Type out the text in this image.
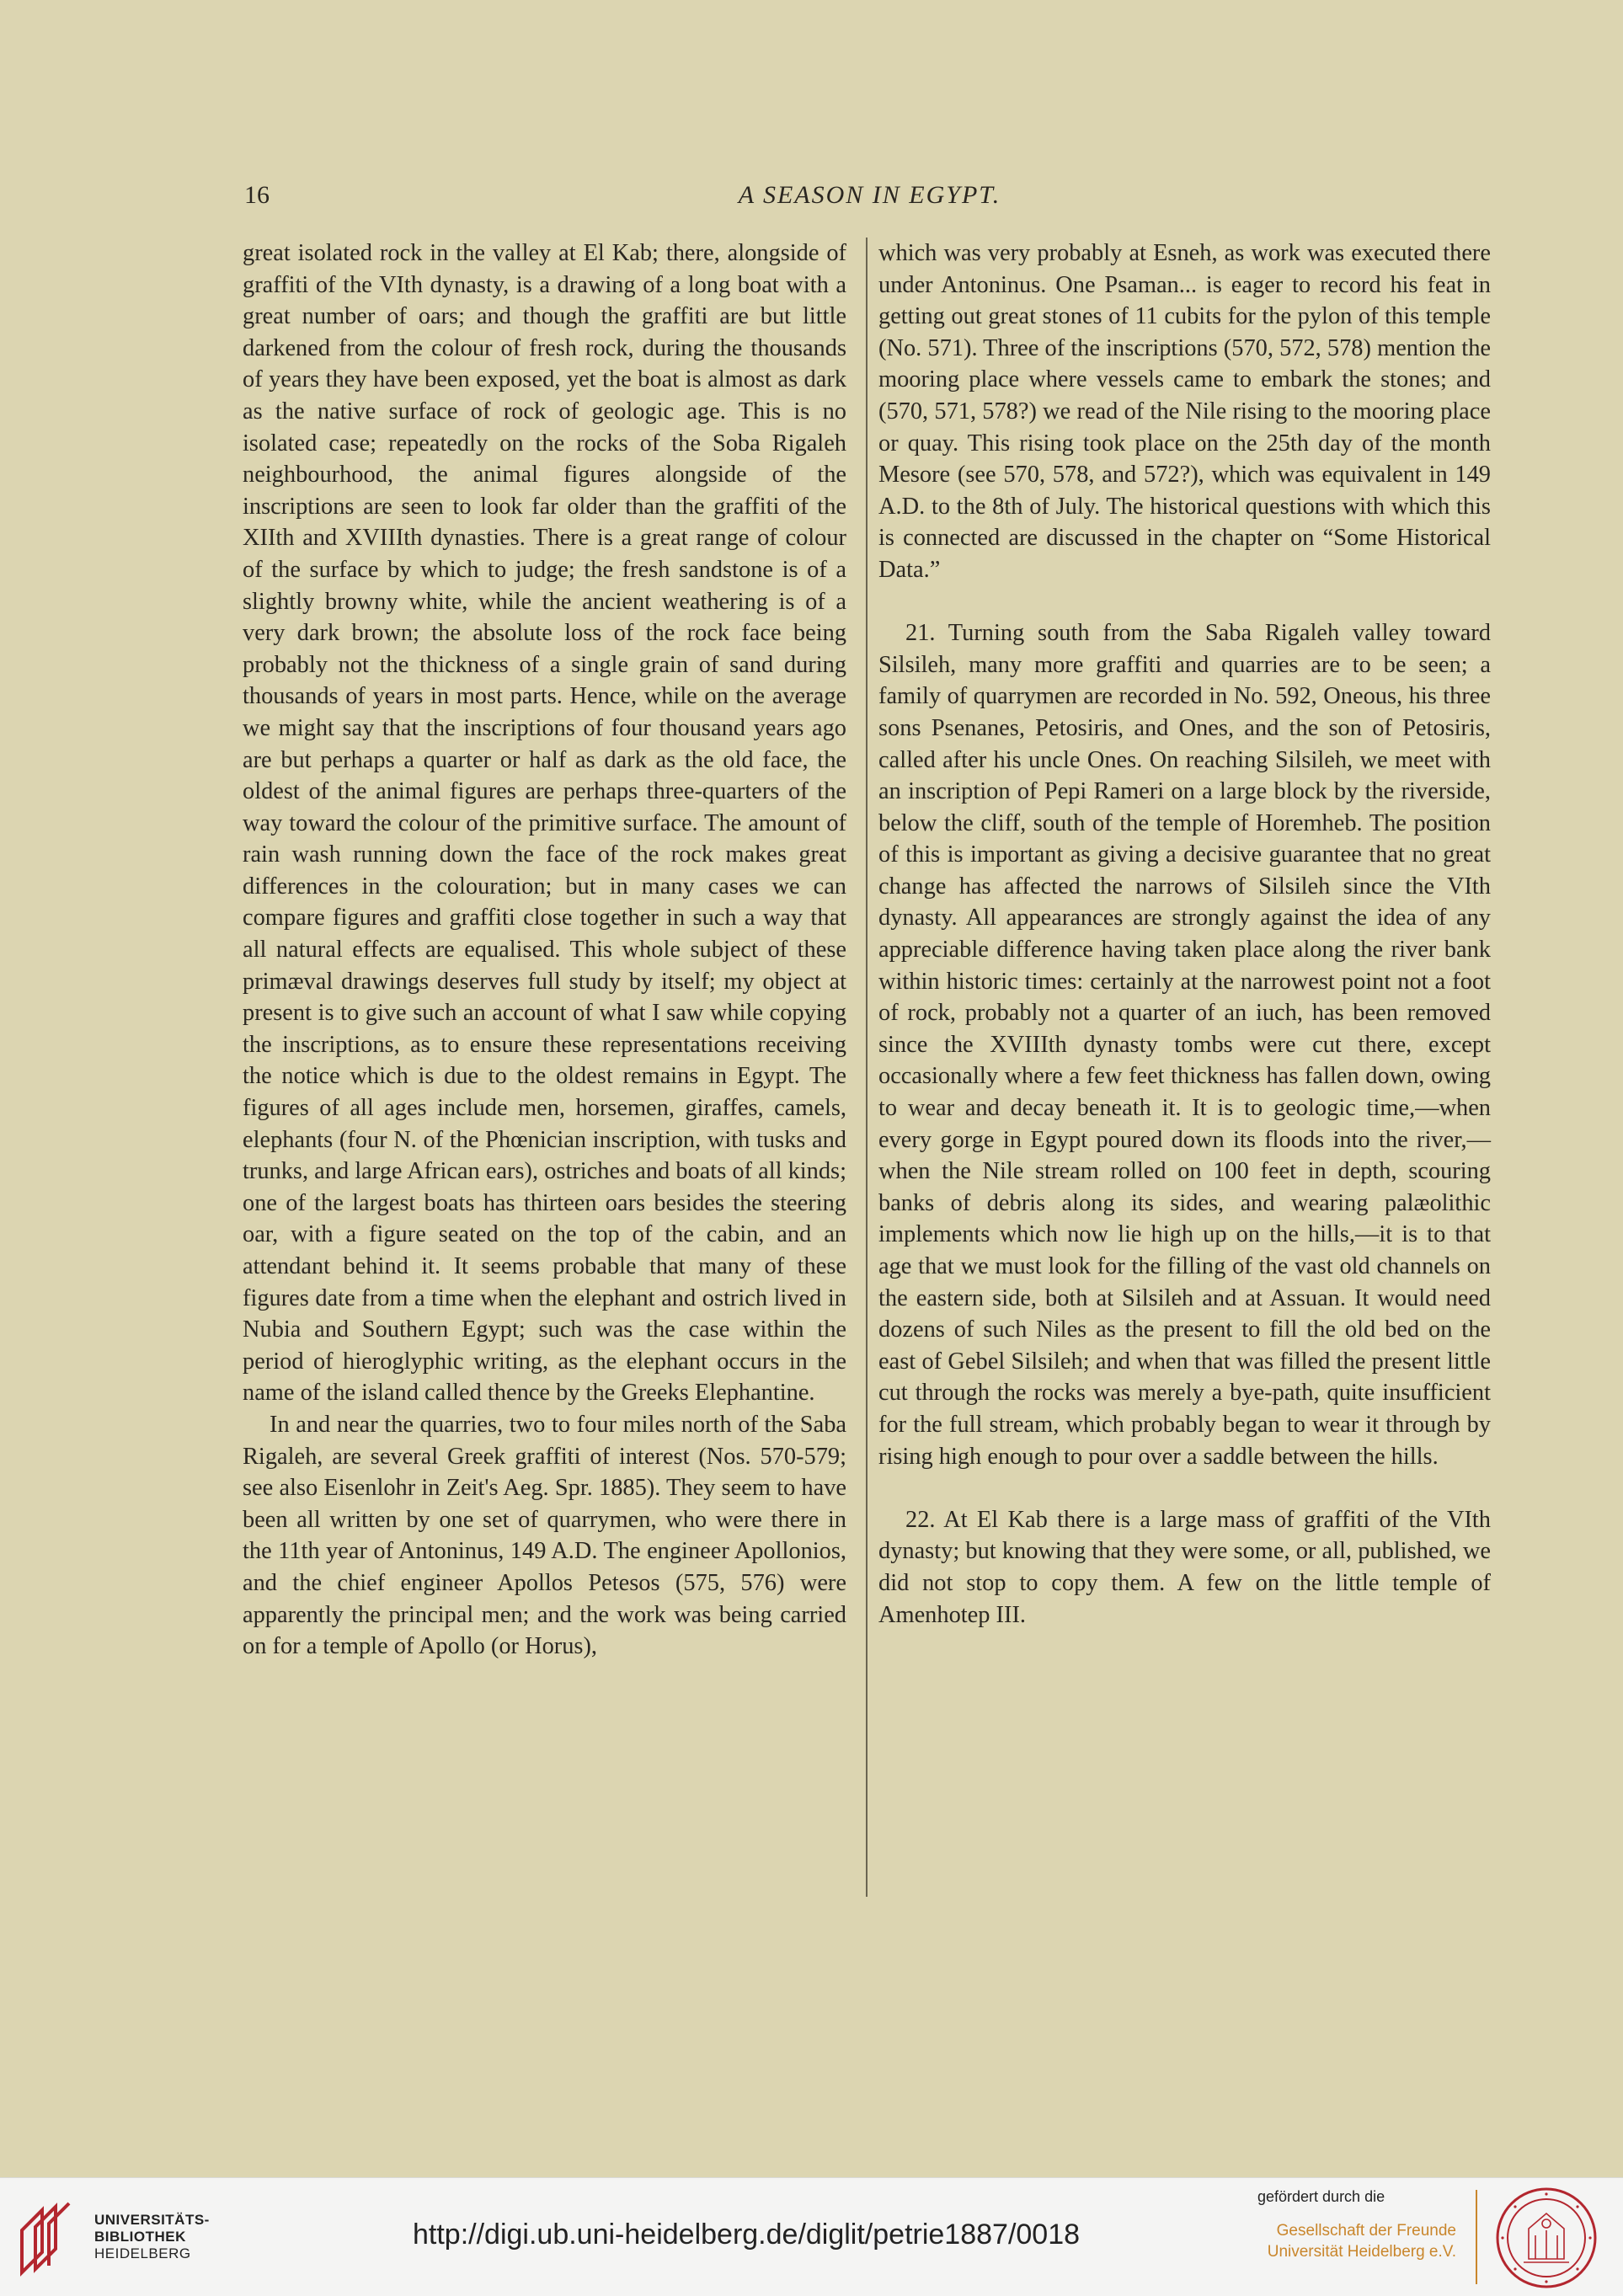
16	A SEASON IN EGYPT.

great isolated rock in the valley at El Kab; there, alongside of graffiti of the VIth dynasty, is a drawing of a long boat with a great number of oars; and though the graffiti are but little darkened from the colour of fresh rock, during the thousands of years they have been exposed, yet the boat is almost as dark as the native surface of rock of geologic age. This is no isolated case; repeatedly on the rocks of the Soba Rigaleh neighbourhood, the animal figures alongside of the inscriptions are seen to look far older than the graffiti of the XIIth and XVIIIth dynasties. There is a great range of colour of the surface by which to judge; the fresh sandstone is of a slightly browny white, while the ancient weathering is of a very dark brown; the absolute loss of the rock face being probably not the thickness of a single grain of sand during thousands of years in most parts. Hence, while on the average we might say that the inscriptions of four thousand years ago are but perhaps a quarter or half as dark as the old face, the oldest of the animal figures are perhaps three-quarters of the way toward the colour of the primitive surface. The amount of rain wash running down the face of the rock makes great differences in the colouration; but in many cases we can compare figures and graffiti close together in such a way that all natural effects are equalised. This whole subject of these primæval drawings deserves full study by itself; my object at present is to give such an account of what I saw while copying the inscriptions, as to ensure these representations receiving the notice which is due to the oldest remains in Egypt. The figures of all ages include men, horsemen, giraffes, camels, elephants (four N. of the Phœnician inscription, with tusks and trunks, and large African ears), ostriches and boats of all kinds; one of the largest boats has thirteen oars besides the steering oar, with a figure seated on the top of the cabin, and an attendant behind it. It seems probable that many of these figures date from a time when the elephant and ostrich lived in Nubia and Southern Egypt; such was the case within the period of hieroglyphic writing, as the elephant occurs in the name of the island called thence by the Greeks Elephantine.

In and near the quarries, two to four miles north of the Saba Rigaleh, are several Greek graffiti of interest (Nos. 570-579; see also Eisenlohr in Zeit's Aeg. Spr. 1885). They seem to have been all written by one set of quarrymen, who were there in the 11th year of Antoninus, 149 A.D. The engineer Apollonios, and the chief engineer Apollos Petesos (575, 576) were apparently the principal men; and the work was being carried on for a temple of Apollo (or Horus),

which was very probably at Esneh, as work was executed there under Antoninus. One Psaman... is eager to record his feat in getting out great stones of 11 cubits for the pylon of this temple (No. 571). Three of the inscriptions (570, 572, 578) mention the mooring place where vessels came to embark the stones; and (570, 571, 578?) we read of the Nile rising to the mooring place or quay. This rising took place on the 25th day of the month Mesore (see 570, 578, and 572?), which was equivalent in 149 A.D. to the 8th of July. The historical questions with which this is connected are discussed in the chapter on “Some Historical Data.”

21. Turning south from the Saba Rigaleh valley toward Silsileh, many more graffiti and quarries are to be seen; a family of quarrymen are recorded in No. 592, Oneous, his three sons Psenanes, Petosiris, and Ones, and the son of Petosiris, called after his uncle Ones. On reaching Silsileh, we meet with an inscription of Pepi Rameri on a large block by the riverside, below the cliff, south of the temple of Horemheb. The position of this is important as giving a decisive guarantee that no great change has affected the narrows of Silsileh since the VIth dynasty. All appearances are strongly against the idea of any appreciable difference having taken place along the river bank within historic times: certainly at the narrowest point not a foot of rock, probably not a quarter of an iuch, has been removed since the XVIIIth dynasty tombs were cut there, except occasionally where a few feet thickness has fallen down, owing to wear and decay beneath it. It is to geologic time,—when every gorge in Egypt poured down its floods into the river,—when the Nile stream rolled on 100 feet in depth, scouring banks of debris along its sides, and wearing palæolithic implements which now lie high up on the hills,—it is to that age that we must look for the filling of the vast old channels on the eastern side, both at Silsileh and at Assuan. It would need dozens of such Niles as the present to fill the old bed on the east of Gebel Silsileh; and when that was filled the present little cut through the rocks was merely a bye-path, quite insufficient for the full stream, which probably began to wear it through by rising high enough to pour over a saddle between the hills.

22. At El Kab there is a large mass of graffiti of the VIth dynasty; but knowing that they were some, or all, published, we did not stop to copy them. A few on the little temple of Amenhotep III.

UNIVERSITÄTS-
BIBLIOTHEK
HEIDELBERG
http://digi.ub.uni-heidelberg.de/diglit/petrie1887/0018
gefördert durch die
Gesellschaft der Freunde
Universität Heidelberg e.V.
